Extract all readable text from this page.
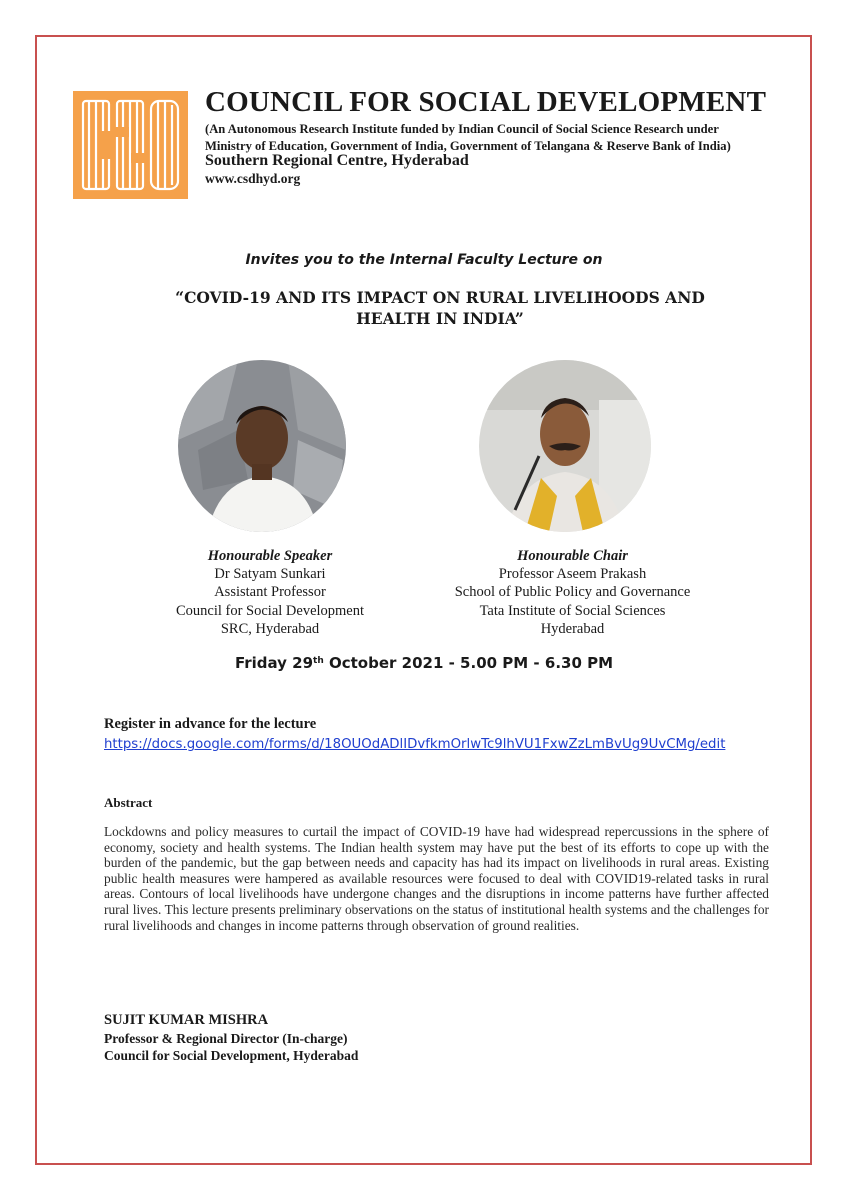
COUNCIL FOR SOCIAL DEVELOPMENT
(An Autonomous Research Institute funded by Indian Council of Social Science Research under Ministry of Education, Government of India, Government of Telangana & Reserve Bank of India)
Southern Regional Centre, Hyderabad
www.csdhyd.org
Invites you to the Internal Faculty Lecture on
“COVID-19 AND ITS IMPACT ON RURAL LIVELIHOODS AND HEALTH IN INDIA”
Honourable Speaker
Dr Satyam Sunkari
Assistant Professor
Council for Social Development
SRC, Hyderabad
Honourable Chair
Professor Aseem Prakash
School of Public Policy and Governance
Tata Institute of Social Sciences
Hyderabad
Friday 29th October 2021 - 5.00 PM - 6.30 PM
Register in advance for the lecture
https://docs.google.com/forms/d/18OUOdADlIDvfkmOrlwTc9lhVU1FxwZzLmBvUg9UvCMg/edit
Abstract
Lockdowns and policy measures to curtail the impact of COVID-19 have had widespread repercussions in the sphere of economy, society and health systems. The Indian health system may have put the best of its efforts to cope up with the burden of the pandemic, but the gap between needs and capacity has had its impact on livelihoods in rural areas. Existing public health measures were hampered as available resources were focused to deal with COVID19-related tasks in rural areas. Contours of local livelihoods have undergone changes and the disruptions in income patterns have further affected rural lives. This lecture presents preliminary observations on the status of institutional health systems and the challenges for rural livelihoods and changes in income patterns through observation of ground realities.
SUJIT KUMAR MISHRA
Professor & Regional Director (In-charge)
Council for Social Development, Hyderabad
